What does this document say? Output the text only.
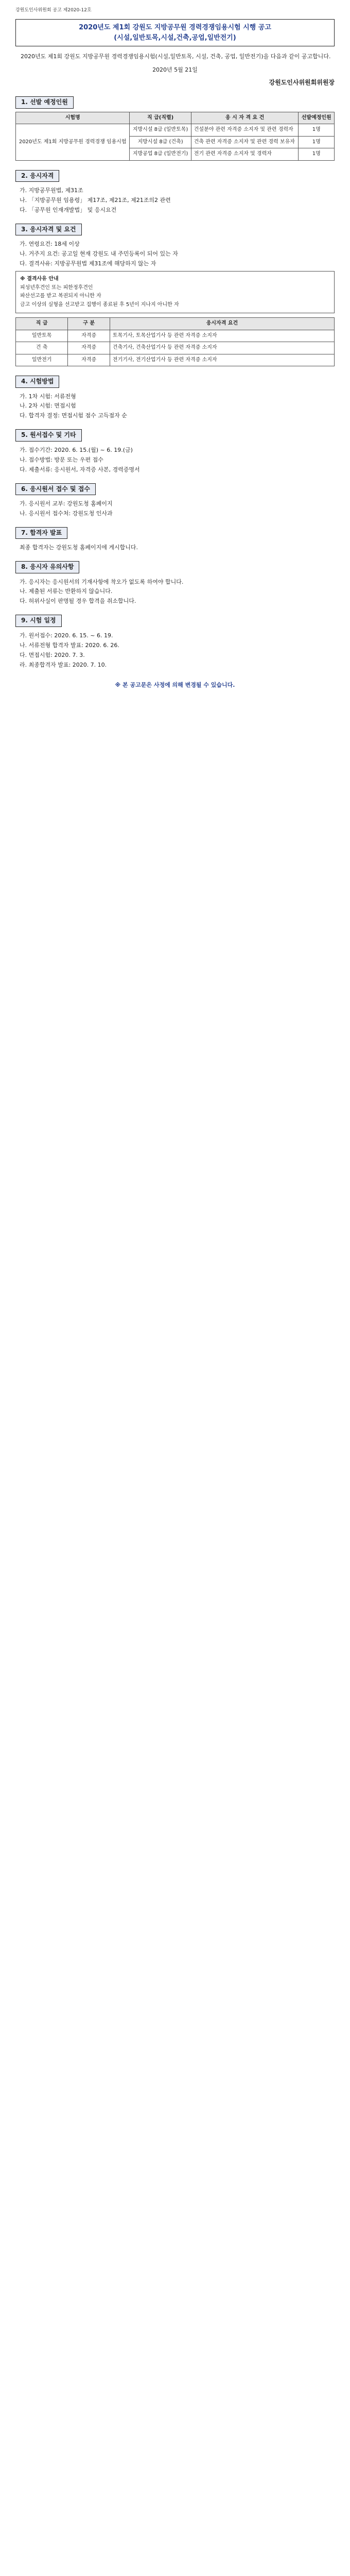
강원도인사위원회 공고 제2020-12호
2020년도 제1회 강원도 지방공무원 경력경쟁임용시험 시행 공고
(시설,일반토목,시설,건축,공업,일반전기)

2020년도 제1회 강원도 지방공무원 경력경쟁임용시험(시설,일반토목, 시설, 건축, 공업, 일반전기)을 다음과 같이 공고합니다.

2020년 5월 21일
강원도인사위원회위원장
1. 선발 예정인원
시험명	직 급(직렬)	응 시 자 격 요 건	선발예정인원
2020년도 제1회 지방공무원 경력경쟁 임용시험	지방시설 8급 (일반토목)	건설분야 관련 자격증 소지자 및 관련 경력자	1명
	지방시설 8급 (건축)	건축 관련 자격증 소지자 및 관련 경력 보유자	1명
	지방공업 8급 (일반전기)	전기 관련 자격증 소지자 및 경력자	1명
2. 응시자격
가. 지방공무원법, 제31조
나. 「지방공무원 임용령」 제17조, 제21조, 제21조의2 관련
다. 「공무원 인재개발법」 및 응시요건
3. 응시자격 및 요건
가. 연령요건: 18세 이상
나. 거주지 요건: 공고일 현재 강원도 내 주민등록이 되어 있는 자
다. 결격사유: 지방공무원법 제31조에 해당하지 않는 자

※ 결격사유 안내

피성년후견인 또는 피한정후견인

파산선고를 받고 복권되지 아니한 자

금고 이상의 실형을 선고받고 집행이 종료된 후 5년이 지나지 아니한 자

직 급	구 분	응시자격 요건
일반토목	자격증	토목기사, 토목산업기사 등 관련 자격증 소지자
건 축	자격증	건축기사, 건축산업기사 등 관련 자격증 소지자
일반전기	자격증	전기기사, 전기산업기사 등 관련 자격증 소지자
4. 시험방법
가. 1차 시험: 서류전형
나. 2차 시험: 면접시험
다. 합격자 결정: 면접시험 점수 고득점자 순
5. 원서접수 및 기타
가. 접수기간: 2020. 6. 15.(월) ~ 6. 19.(금)
나. 접수방법: 방문 또는 우편 접수
다. 제출서류: 응시원서, 자격증 사본, 경력증명서
6. 응시원서 접수 및 접수
가. 응시원서 교부: 강원도청 홈페이지
나. 응시원서 접수처: 강원도청 인사과
7. 합격자 발표
최종 합격자는 강원도청 홈페이지에 게시합니다.
8. 응시자 유의사항
가. 응시자는 응시원서의 기재사항에 착오가 없도록 하여야 합니다.
나. 제출된 서류는 반환하지 않습니다.
다. 허위사실이 판명될 경우 합격을 취소합니다.
9. 시험 일정
가. 원서접수: 2020. 6. 15. ~ 6. 19.
나. 서류전형 합격자 발표: 2020. 6. 26.
다. 면접시험: 2020. 7. 3.
라. 최종합격자 발표: 2020. 7. 10.
※ 본 공고문은 사정에 의해 변경될 수 있습니다.
